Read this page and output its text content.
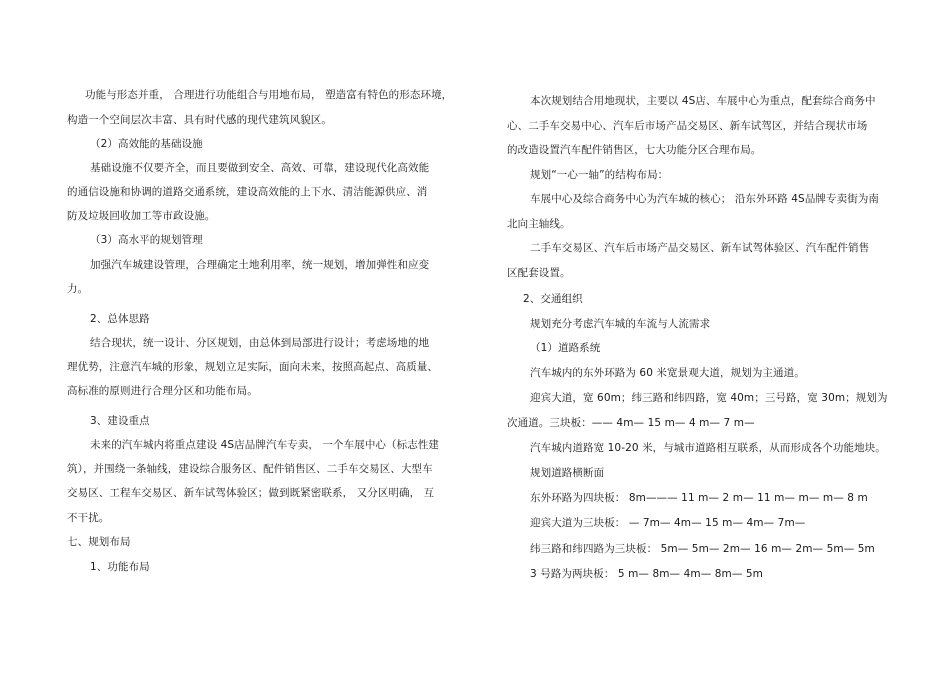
功能与形态并重， 合理进行功能组合与用地布局， 塑造富有特色的形态环境，
构造一个空间层次丰富、具有时代感的现代建筑风貌区。
（2）高效能的基础设施
基础设施不仅要齐全，而且要做到安全、高效、可靠，建设现代化高效能
的通信设施和协调的道路交通系统，建设高效能的上下水、清洁能源供应、消
防及垃圾回收加工等市政设施。
（3）高水平的规划管理
加强汽车城建设管理，合理确定土地利用率，统一规划，增加弹性和应变
力。
2、总体思路
结合现状，统一设计、分区规划，由总体到局部进行设计；考虑场地的地
理优势，注意汽车城的形象，规划立足实际，面向未来，按照高起点、高质量、
高标准的原则进行合理分区和功能布局。
3、建设重点
未来的汽车城内将重点建设 4S店品牌汽车专卖， 一个车展中心（标志性建
筑），并围绕一条轴线，建设综合服务区、配件销售区、二手车交易区、大型车
交易区、工程车交易区、新车试驾体验区；做到既紧密联系， 又分区明确， 互
不干扰。
七、规划布局
1、功能布局
本次规划结合用地现状，主要以 4S店、车展中心为重点，配套综合商务中
心、二手车交易中心、汽车后市场产品交易区、新车试驾区，并结合现状市场
的改造设置汽车配件销售区，七大功能分区合理布局。
规划“一心一轴”的结构布局：
车展中心及综合商务中心为汽车城的核心； 沿东外环路 4S品牌专卖街为南
北向主轴线。
二手车交易区、汽车后市场产品交易区、新车试驾体验区、汽车配件销售
区配套设置。
2、交通组织
规划充分考虑汽车城的车流与人流需求
（1）道路系统
汽车城内的东外环路为 60 米宽景观大道，规划为主通道。
迎宾大道，宽 60m；纬三路和纬四路，宽 40m；三号路，宽 30m；规划为
次通道。三块板：—— 4m— 15 m— 4 m— 7 m—
汽车城内道路宽 10-20 米，与城市道路相互联系，从而形成各个功能地块。
规划道路横断面
东外环路为四块板： 8m——— 11 m— 2 m— 11 m— m— m— 8 m
迎宾大道为三块板： — 7m— 4m— 15 m— 4m— 7m—
纬三路和纬四路为三块板： 5m— 5m— 2m— 16 m— 2m— 5m— 5m
3 号路为两块板： 5 m— 8m— 4m— 8m— 5m
